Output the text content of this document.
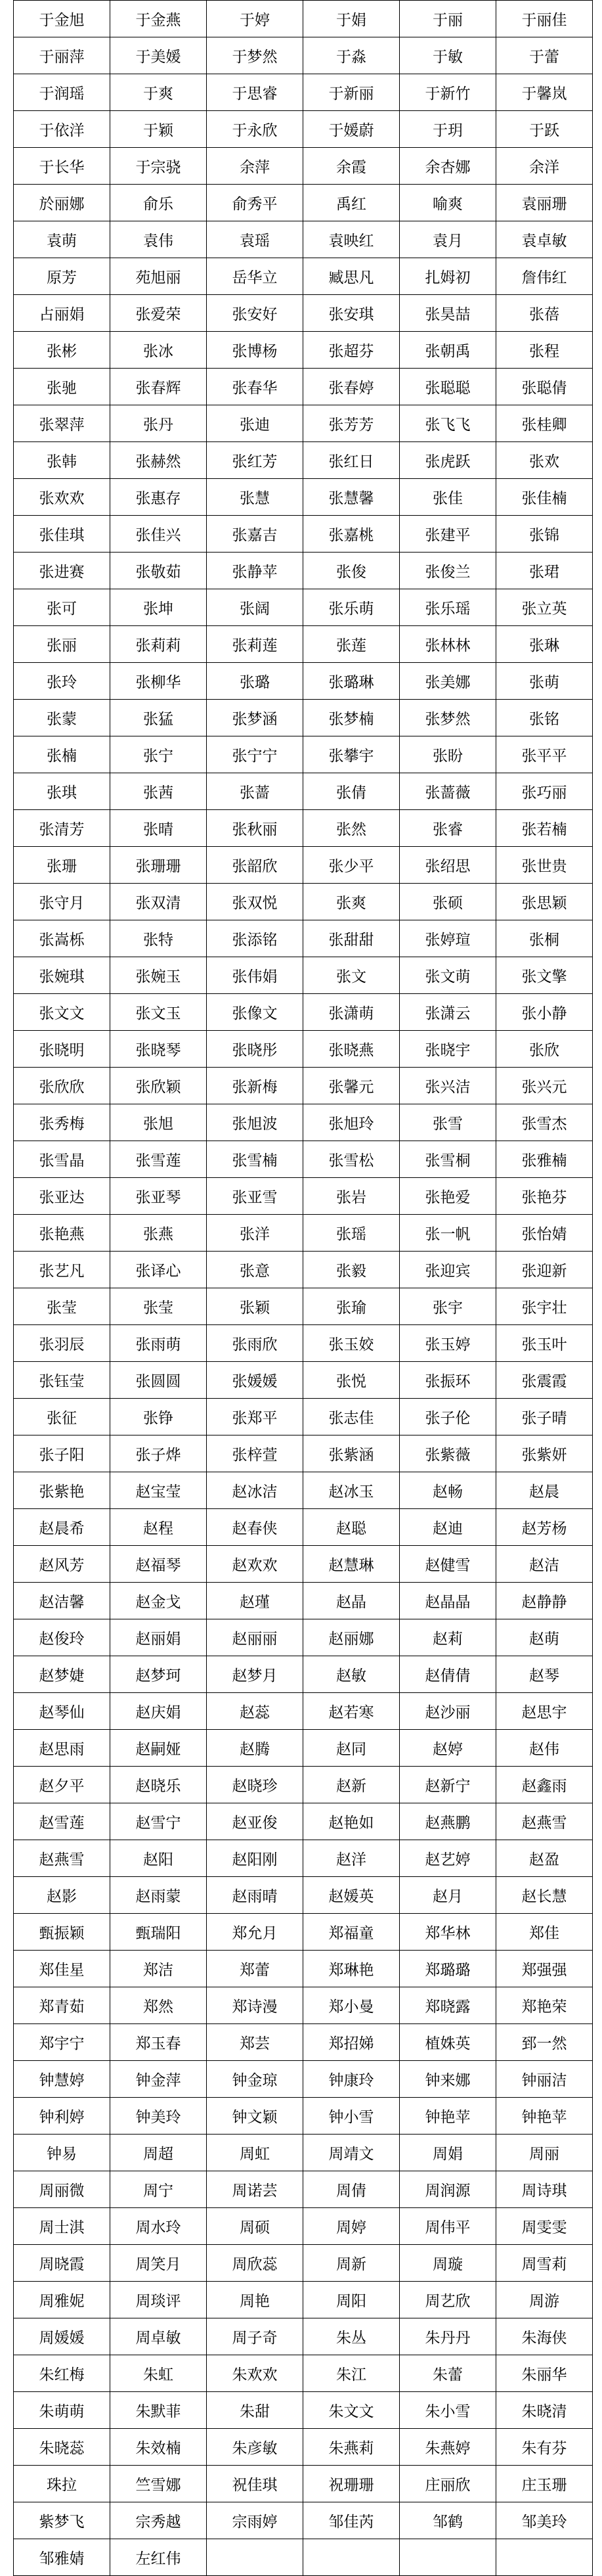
于金旭	于金燕	于婷	于娟	于丽	于丽佳
于丽萍	于美媛	于梦然	于淼	于敏	于蕾
于润瑶	于爽	于思睿	于新丽	于新竹	于馨岚
于依洋	于颖	于永欣	于媛蔚	于玥	于跃
于长华	于宗骁	余萍	余霞	余杏娜	余洋
於丽娜	俞乐	俞秀平	禹红	喻爽	袁丽珊
袁萌	袁伟	袁瑶	袁映红	袁月	袁卓敏
原芳	苑旭丽	岳华立	臧思凡	扎姆初	詹伟红
占丽娟	张爱荣	张安好	张安琪	张昊喆	张蓓
张彬	张冰	张博杨	张超芬	张朝禹	张程
张驰	张春辉	张春华	张春婷	张聪聪	张聪倩
张翠萍	张丹	张迪	张芳芳	张飞飞	张桂卿
张韩	张赫然	张红芳	张红日	张虎跃	张欢
张欢欢	张惠存	张慧	张慧馨	张佳	张佳楠
张佳琪	张佳兴	张嘉吉	张嘉桃	张建平	张锦
张进赛	张敬茹	张静苹	张俊	张俊兰	张珺
张可	张坤	张阔	张乐萌	张乐瑶	张立英
张丽	张莉莉	张莉莲	张莲	张林林	张琳
张玲	张柳华	张璐	张璐琳	张美娜	张萌
张蒙	张猛	张梦涵	张梦楠	张梦然	张铭
张楠	张宁	张宁宁	张攀宇	张盼	张平平
张琪	张茜	张蔷	张倩	张蔷薇	张巧丽
张清芳	张晴	张秋丽	张然	张睿	张若楠
张珊	张珊珊	张韶欣	张少平	张绍思	张世贵
张守月	张双清	张双悦	张爽	张硕	张思颖
张嵩栎	张特	张添铭	张甜甜	张婷瑄	张桐
张婉琪	张婉玉	张伟娟	张文	张文萌	张文擎
张文文	张文玉	张像文	张潇萌	张潇云	张小静
张晓明	张晓琴	张晓彤	张晓燕	张晓宇	张欣
张欣欣	张欣颖	张新梅	张馨元	张兴洁	张兴元
张秀梅	张旭	张旭波	张旭玲	张雪	张雪杰
张雪晶	张雪莲	张雪楠	张雪松	张雪桐	张雅楠
张亚达	张亚琴	张亚雪	张岩	张艳爱	张艳芬
张艳燕	张燕	张洋	张瑶	张一帆	张怡婧
张艺凡	张译心	张意	张毅	张迎宾	张迎新
张莹	张莹	张颖	张瑜	张宇	张宇壮
张羽辰	张雨萌	张雨欣	张玉姣	张玉婷	张玉叶
张钰莹	张圆圆	张媛媛	张悦	张振环	张震霞
张征	张铮	张郑平	张志佳	张子伦	张子晴
张子阳	张子烨	张梓萱	张紫涵	张紫薇	张紫妍
张紫艳	赵宝莹	赵冰洁	赵冰玉	赵畅	赵晨
赵晨希	赵程	赵春侠	赵聪	赵迪	赵芳杨
赵风芳	赵福琴	赵欢欢	赵慧琳	赵健雪	赵洁
赵洁馨	赵金戈	赵瑾	赵晶	赵晶晶	赵静静
赵俊玲	赵丽娟	赵丽丽	赵丽娜	赵莉	赵萌
赵梦婕	赵梦珂	赵梦月	赵敏	赵倩倩	赵琴
赵琴仙	赵庆娟	赵蕊	赵若寒	赵沙丽	赵思宇
赵思雨	赵嗣娅	赵腾	赵同	赵婷	赵伟
赵夕平	赵晓乐	赵晓珍	赵新	赵新宁	赵鑫雨
赵雪莲	赵雪宁	赵亚俊	赵艳如	赵燕鹏	赵燕雪
赵燕雪	赵阳	赵阳刚	赵洋	赵艺婷	赵盈
赵影	赵雨蒙	赵雨晴	赵媛英	赵月	赵长慧
甄振颖	甄瑞阳	郑允月	郑福童	郑华林	郑佳
郑佳星	郑洁	郑蕾	郑琳艳	郑璐璐	郑强强
郑青茹	郑然	郑诗漫	郑小曼	郑晓露	郑艳荣
郑宇宁	郑玉春	郑芸	郑招娣	植姝英	郅一然
钟慧婷	钟金萍	钟金琼	钟康玲	钟来娜	钟丽洁
钟利婷	钟美玲	钟文颖	钟小雪	钟艳苹	钟艳苹
钟易	周超	周虹	周靖文	周娟	周丽
周丽微	周宁	周诺芸	周倩	周润源	周诗琪
周士淇	周水玲	周硕	周婷	周伟平	周雯雯
周晓霞	周笑月	周欣蕊	周新	周璇	周雪莉
周雅妮	周琰评	周艳	周阳	周艺欣	周游
周媛媛	周卓敏	周子奇	朱丛	朱丹丹	朱海侠
朱红梅	朱虹	朱欢欢	朱江	朱蕾	朱丽华
朱萌萌	朱默菲	朱甜	朱文文	朱小雪	朱晓清
朱晓蕊	朱效楠	朱彦敏	朱燕莉	朱燕婷	朱有芬
珠拉	竺雪娜	祝佳琪	祝珊珊	庄丽欣	庄玉珊
紫梦飞	宗秀越	宗雨婷	邹佳芮	邹鹤	邹美玲
邹雅婧	左红伟				
